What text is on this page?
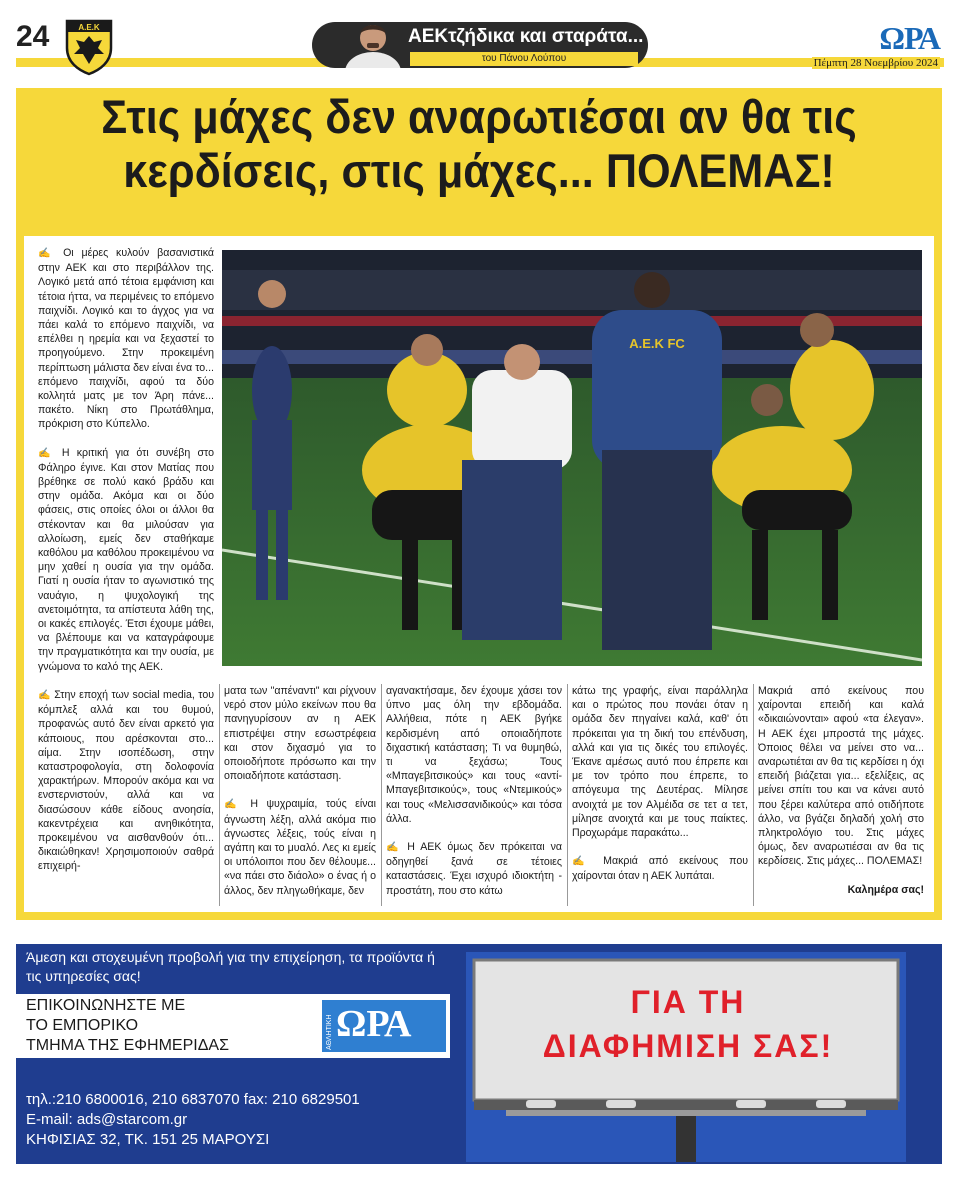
24	Α.Ε.Κ	ΑΕΚτζήδικα και σταράτα...
του Πάνου Λούπου
ΩΡΑ
Πέμπτη 28 Νοεμβρίου 2024
Στις μάχες δεν αναρωτιέσαι αν θα τις
κερδίσεις, στις μάχες... ΠΟΛΕΜΑΣ!
Α.Ε.Κ FC

✍ Οι μέρες κυλούν βασανιστικά στην ΑΕΚ και στο περιβάλλον της. Λογικό μετά από τέτοια εμφάνιση και τέτοια ήττα, να περιμένεις το επόμενο παιχνίδι. Λογικό και το άγχος για να πάει καλά το επόμενο παιχνίδι, να επέλθει η ηρεμία και να ξεχαστεί το προηγούμενο. Στην προκειμένη περίπτωση μάλιστα δεν είναι ένα το... επόμενο παιχνίδι, αφού τα δύο κολλητά ματς με τον Άρη πάνε... πακέτο. Νίκη στο Πρωτάθλημα, πρόκριση στο Κύπελλο.

✍ Η κριτική για ότι συνέβη στο Φάληρο έγινε. Και στον Ματίας που βρέθηκε σε πολύ κακό βράδυ και στην ομάδα. Ακόμα και οι δύο φάσεις, στις οποίες όλοι οι άλλοι θα στέκονταν και θα μιλούσαν για αλλοίωση, εμείς δεν σταθήκαμε καθόλου μα καθόλου προκειμένου να μην χαθεί η ουσία για την ομάδα. Γιατί η ουσία ήταν το αγωνιστικό της ναυάγιο, η ψυχολογική της ανετοιμότητα, τα απίστευτα λάθη της, οι κακές επιλογές. Έτσι έχουμε μάθει, να βλέπουμε και να καταγράφουμε την πραγματικότητα και την ουσία, με γνώμονα το καλό της ΑΕΚ.

✍ Στην εποχή των social media, του κόμπλεξ αλλά και του θυμού, προφανώς αυτό δεν είναι αρκετό για κάποιους, που αρέσκονται στο... αίμα. Στην ισοπέδωση, στην καταστροφολογία, στη δολοφονία χαρακτήρων. Μπορούν ακόμα και να ενστερνιστούν, αλλά και να διασώσουν κάθε είδους ανοησία, κακεντρέχεια και ανηθικότητα, προκειμένου να αισθανθούν ότι... δικαιώθηκαν! Χρησιμοποιούν σαθρά επιχειρή-

ματα των "απέναντι" και ρίχνουν νερό στον μύλο εκείνων που θα πανηγυρίσουν αν η ΑΕΚ επιστρέψει στην εσωστρέφεια και στον διχασμό για το οποιοδήποτε πρόσωπο και την οποιαδήποτε κατάσταση.

✍ Η ψυχραιμία, τούς είναι άγνωστη λέξη, αλλά ακόμα πιο άγνωστες λέξεις, τούς είναι η αγάπη και το μυαλό. Λες κι εμείς οι υπόλοιποι που δεν θέλουμε... «να πάει στο διάολο» ο ένας ή ο άλλος, δεν πληγωθήκαμε, δεν

αγανακτήσαμε, δεν έχουμε χάσει τον ύπνο μας όλη την εβδομάδα. Αλλήθεια, πότε η ΑΕΚ βγήκε κερδισμένη από οποιαδήποτε διχαστική κατάσταση; Τι να θυμηθώ, τι να ξεχάσω; Τους «Μπαγεβιτσικούς» και τους «αντί-Μπαγεβιτσικούς», τους «Ντεμικούς» και τους «Μελισσανιδικούς» και τόσα άλλα.

✍ Η ΑΕΚ όμως δεν πρόκειται να οδηγηθεί ξανά σε τέτοιες καταστάσεις. Έχει ισχυρό ιδιοκτήτη - προστάτη, που στο κάτω

κάτω της γραφής, είναι παράλληλα και ο πρώτος που πονάει όταν η ομάδα δεν πηγαίνει καλά, καθ' ότι πρόκειται για τη δική του επένδυση, αλλά και για τις δικές του επιλογές. Έκανε αμέσως αυτό που έπρεπε και με τον τρόπο που έπρεπε, το απόγευμα της Δευτέρας. Μίλησε ανοιχτά με τον Αλμέιδα σε τετ α τετ, μίλησε ανοιχτά και με τους παίκτες. Προχωράμε παρακάτω...

✍ Μακριά από εκείνους που χαίρονται όταν η ΑΕΚ λυπάται.

Μακριά από εκείνους που χαίρονται επειδή και καλά «δικαιώνονται» αφού «τα έλεγαν». Η ΑΕΚ έχει μπροστά της μάχες. Όποιος θέλει να μείνει στο να... αναρωτιέται αν θα τις κερδίσει η όχι επειδή βιάζεται για... εξελίξεις, ας μείνει σπίτι του και να κάνει αυτό που ξέρει καλύτερα από οτιδήποτε άλλο, να βγάζει δηλαδή χολή στο πληκτρολόγιο του. Στις μάχες όμως, δεν αναρωτιέσαι αν θα τις κερδίσεις. Στις μάχες... ΠΟΛΕΜΑΣ!

Καλημέρα σας!

Άμεση και στοχευμένη προβολή για την επιχείρηση, τα προϊόντα ή τις υπηρεσίες σας!
ΕΠΙΚΟΙΝΩΝΗΣΤΕ ΜΕ
ΤΟ ΕΜΠΟΡΙΚΟ
ΤΜΗΜΑ ΤΗΣ ΕΦΗΜΕΡΙΔΑΣ
ΩΡΑ
ΑΘΛΗΤΙΚΗ
τηλ.:210 6800016, 210 6837070 fax: 210 6829501
E-mail: ads@starcom.gr
ΚΗΦΙΣΙΑΣ 32, ΤΚ. 151 25 ΜΑΡΟΥΣΙ
ΓΙΑ ΤΗ
ΔΙΑΦΗΜΙΣΗ ΣΑΣ!
